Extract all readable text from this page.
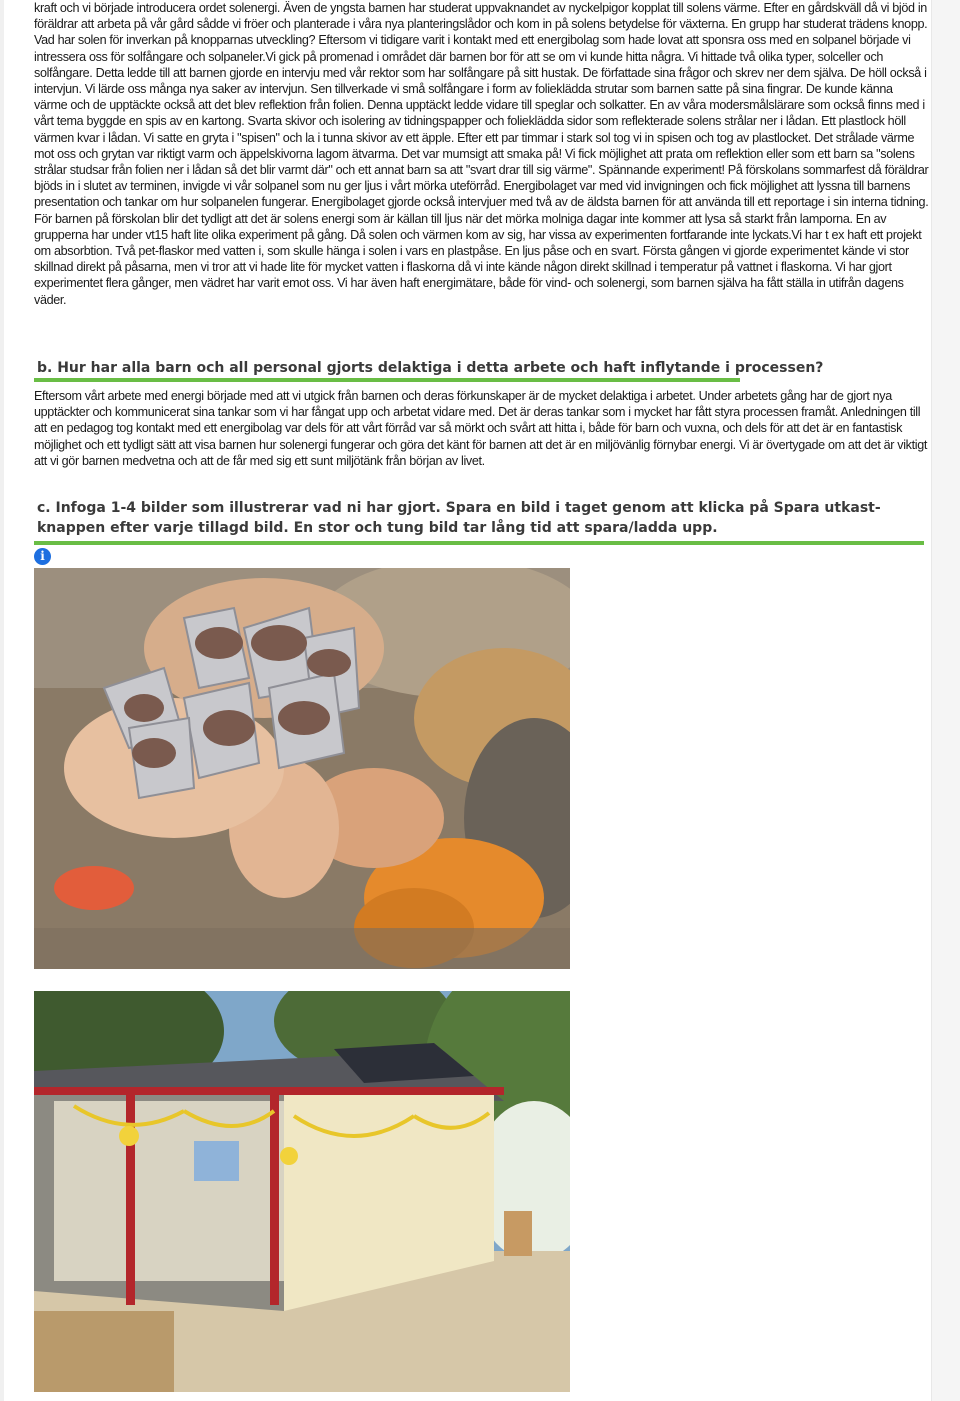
kraft och vi började introducera ordet solenergi. Även de yngsta barnen har studerat uppvaknandet av nyckelpigor kopplat till solens värme. Efter en gårdskväll då vi bjöd in föräldrar att arbeta på vår gård sådde vi fröer och planterade i våra nya planteringslådor och kom in på solens betydelse för växterna. En grupp har studerat trädens knopp. Vad har solen för inverkan på knopparnas utveckling? Eftersom vi tidigare varit i kontakt med ett energibolag som hade lovat att sponsra oss med en solpanel började vi intressera oss för solfångare och solpaneler.Vi gick på promenad i området där barnen bor för att se om vi kunde hitta några. Vi hittade två olika typer, solceller och solfångare. Detta ledde till att barnen gjorde en intervju med vår rektor som har solfångare på sitt hustak. De författade sina frågor och skrev ner dem själva. De höll också i intervjun. Vi lärde oss många nya saker av intervjun. Sen tillverkade vi små solfångare i form av folieklädda strutar som barnen satte på sina fingrar. De kunde känna värme och de upptäckte också att det blev reflektion från folien. Denna upptäckt ledde vidare till speglar och solkatter. En av våra modersmålslärare som också finns med i vårt tema byggde en spis av en kartong. Svarta skivor och isolering av tidningspapper och folieklädda sidor som reflekterade solens strålar ner i lådan. Ett plastlock höll värmen kvar i lådan. Vi satte en gryta i "spisen" och la i tunna skivor av ett äpple. Efter ett par timmar i stark sol tog vi in spisen och tog av plastlocket. Det strålade värme mot oss och grytan var riktigt varm och äppelskivorna lagom ätvarma. Det var mumsigt att smaka på! Vi fick möjlighet att prata om reflektion eller som ett barn sa "solens strålar studsar från folien ner i lådan så det blir varmt där" och ett annat barn sa att "svart drar till sig värme". Spännande experiment! På förskolans sommarfest då föräldrar bjöds in i slutet av terminen, invigde vi vår solpanel som nu ger ljus i vårt mörka uteförråd. Energibolaget var med vid invigningen och fick möjlighet att lyssna till barnens presentation och tankar om hur solpanelen fungerar. Energibolaget gjorde också intervjuer med två av de äldsta barnen för att använda till ett reportage i sin interna tidning. För barnen på förskolan blir det tydligt att det är solens energi som är källan till ljus när det mörka molniga dagar inte kommer att lysa så starkt från lamporna. En av grupperna har under vt15 haft lite olika experiment på gång. Då solen och värmen kom av sig, har vissa av experimenten fortfarande inte lyckats.Vi har t ex haft ett projekt om absorbtion. Två pet-flaskor med vatten i, som skulle hänga i solen i vars en plastpåse. En ljus påse och en svart. Första gången vi gjorde experimentet kände vi stor skillnad direkt på påsarna, men vi tror att vi hade lite för mycket vatten i flaskorna då vi inte kände någon direkt skillnad i temperatur på vattnet i flaskorna. Vi har gjort experimentet flera gånger, men vädret har varit emot oss. Vi har även haft energimätare, både för vind- och solenergi, som barnen själva ha fått ställa in utifrån dagens väder.

b. Hur har alla barn och all personal gjorts delaktiga i detta arbete och haft inflytande i processen?

Eftersom vårt arbete med energi började med att vi utgick från barnen och deras förkunskaper är de mycket delaktiga i arbetet. Under arbetets gång har de gjort nya upptäckter och kommunicerat sina tankar som vi har fångat upp och arbetat vidare med. Det är deras tankar som i mycket har fått styra processen framåt. Anledningen till att en pedagog tog kontakt med ett energibolag var dels för att vårt förråd var så mörkt och svårt att hitta i, både för barn och vuxna, och dels för att det är en fantastisk möjlighet och ett tydligt sätt att visa barnen hur solenergi fungerar och göra det känt för barnen att det är en miljövänlig förnybar energi. Vi är övertygade om att det är viktigt att vi gör barnen medvetna och att de får med sig ett sunt miljötänk från början av livet.

c. Infoga 1-4 bilder som illustrerar vad ni har gjort. Spara en bild i taget genom att klicka på Spara utkast-knappen efter varje tillagd bild. En stor och tung bild tar lång tid att spara/ladda upp.
i
